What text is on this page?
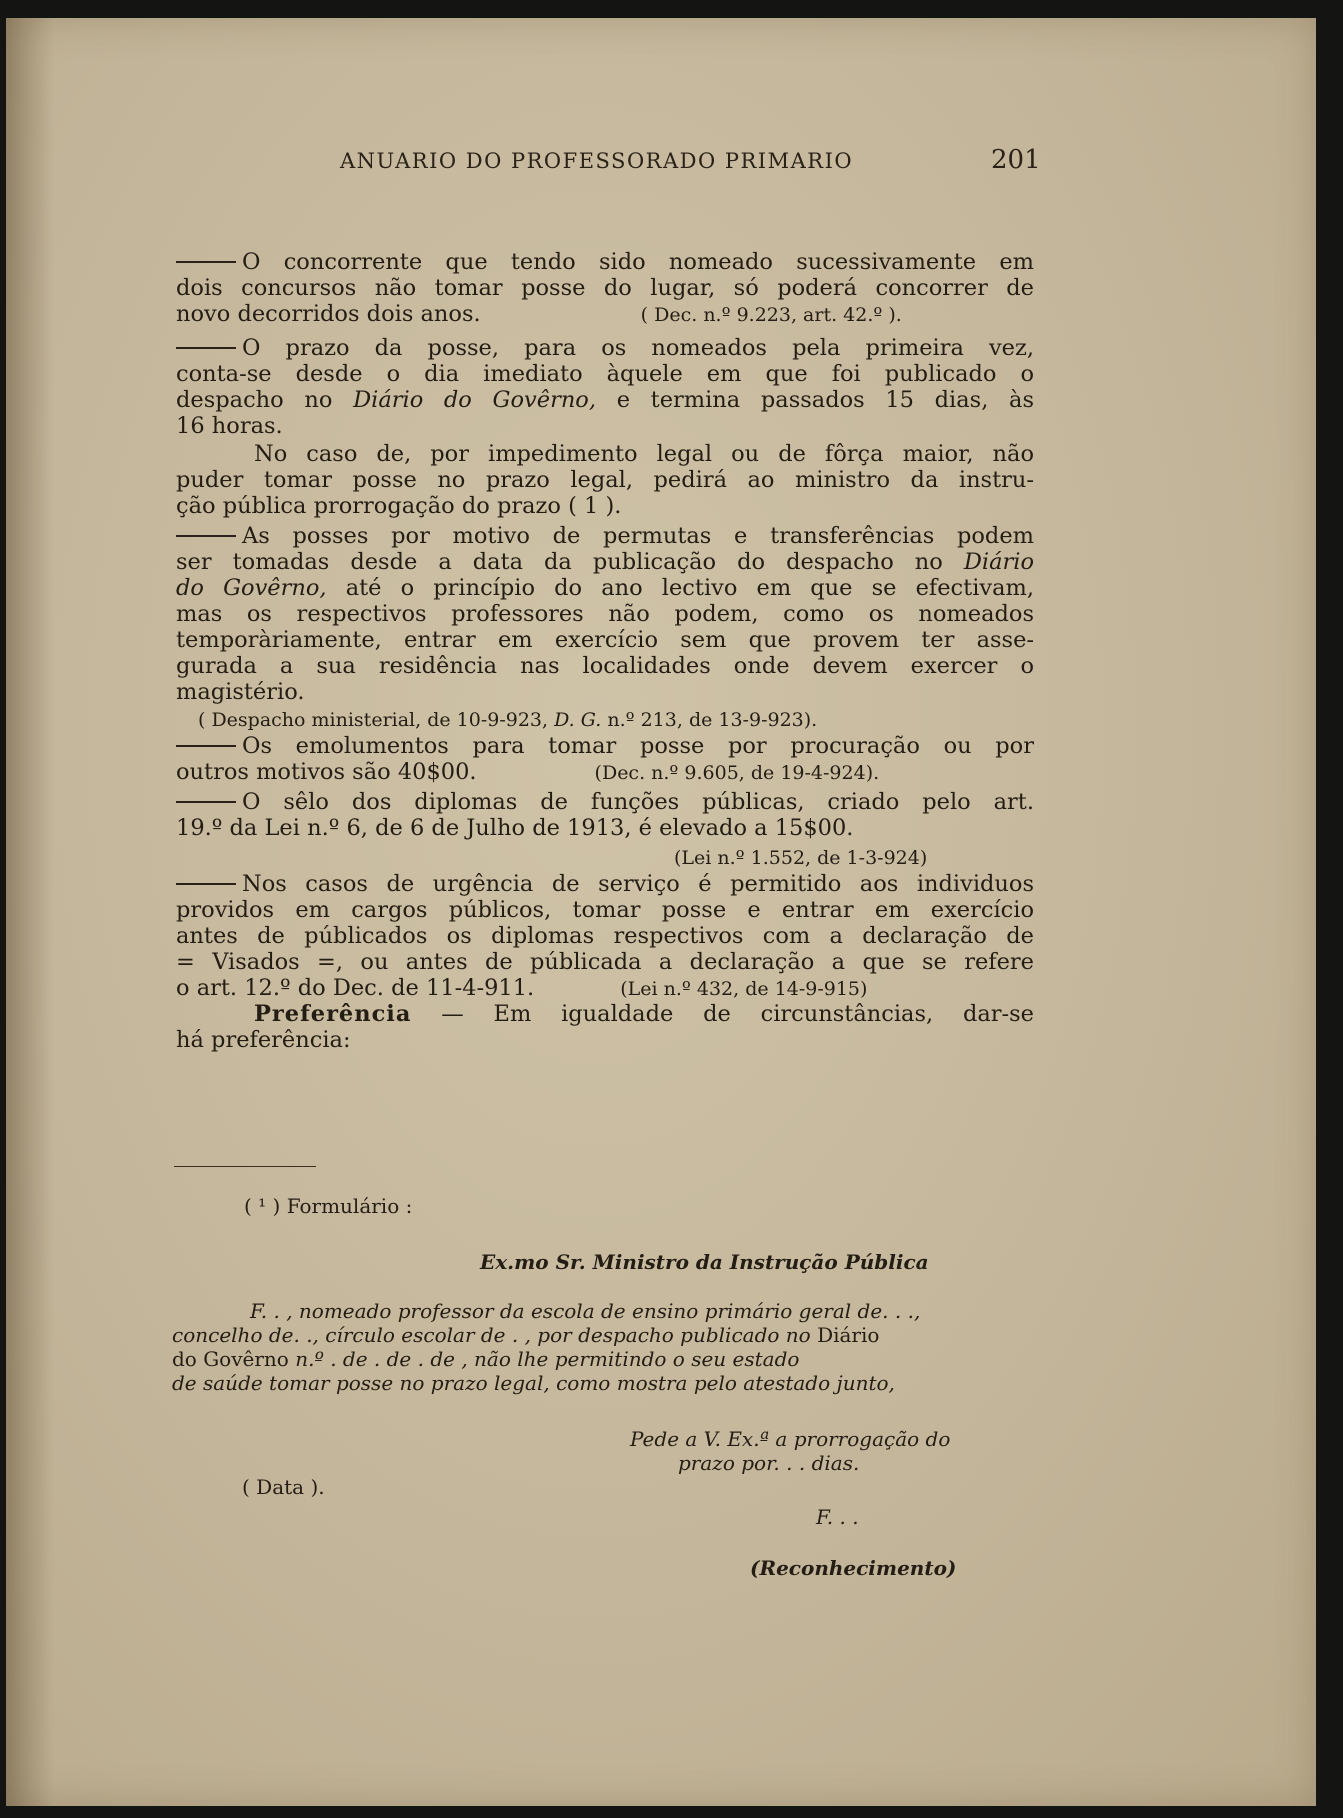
ANUARIO DO PROFESSORADO PRIMARIO	201
O concorrente que tendo sido nomeado sucessivamente em
dois concursos não tomar posse do lugar, só poderá concorrer de
novo decorridos dois anos.	( Dec. n.º 9.223, art. 42.º ).
O prazo da posse, para os nomeados pela primeira vez,
conta-se desde o dia imediato àquele em que foi publicado o
despacho no Diário do Govêrno, e termina passados 15 dias, às
16 horas.
No caso de, por impedimento legal ou de fôrça maior, não
puder tomar posse no prazo legal, pedirá ao ministro da instru-
ção pública prorrogação do prazo ( 1 ).
As posses por motivo de permutas e transferências podem
ser tomadas desde a data da publicação do despacho no Diário
do Govêrno, até o princípio do ano lectivo em que se efectivam,
mas os respectivos professores não podem, como os nomeados
temporàriamente, entrar em exercício sem que provem ter asse-
gurada a sua residência nas localidades onde devem exercer o
magistério.
( Despacho ministerial, de 10-9-923, D. G. n.º 213, de 13-9-923).
Os emolumentos para tomar posse por procuração ou por
outros motivos são 40$00.	(Dec. n.º 9.605, de 19-4-924).
O sêlo dos diplomas de funções públicas, criado pelo art.
19.º da Lei n.º 6, de 6 de Julho de 1913, é elevado a 15$00.
(Lei n.º 1.552, de 1-3-924)
Nos casos de urgência de serviço é permitido aos individuos
providos em cargos públicos, tomar posse e entrar em exercício
antes de públicados os diplomas respectivos com a declaração de
= Visados =, ou antes de públicada a declaração a que se refere
o art. 12.º do Dec. de 11-4-911.	(Lei n.º 432, de 14-9-915)
Preferência — Em igualdade de circunstâncias, dar-se
há preferência:
( ¹ ) Formulário :
Ex.mo Sr. Ministro da Instrução Pública
F. . , nomeado professor da escola de ensino primário geral de. . .,
concelho de. ., círculo escolar de . , por despacho publicado no Diário
do Govêrno n.º . de . de . de , não lhe permitindo o seu estado
de saúde tomar posse no prazo legal, como mostra pelo atestado junto,
Pede a V. Ex.ª a prorrogação do
prazo por. . . dias.
( Data ).
F. . .
(Reconhecimento)
